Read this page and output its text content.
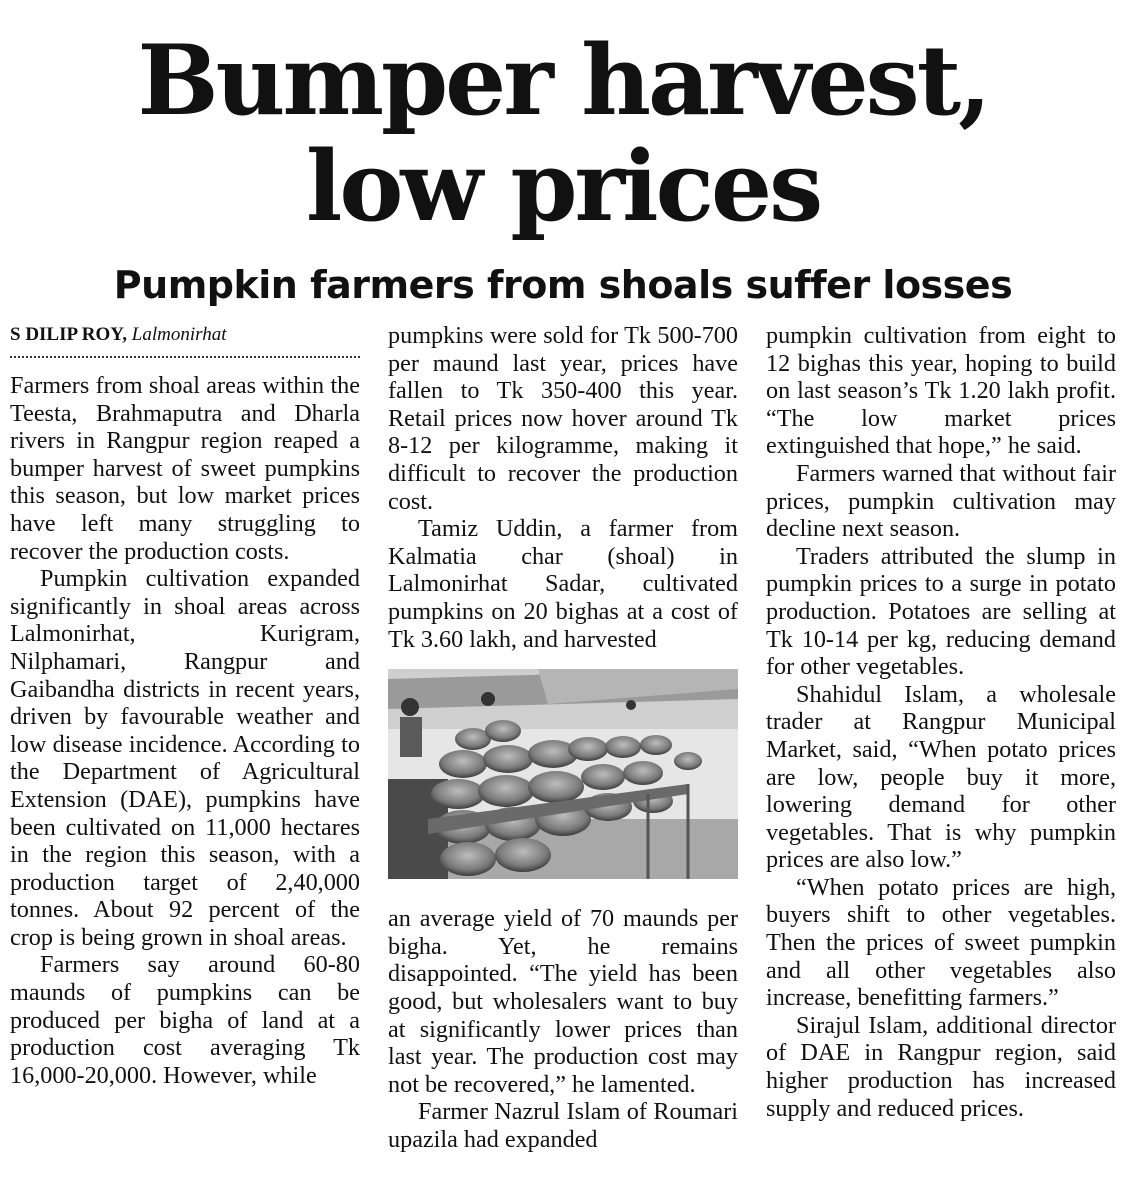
Bumper harvest,
low prices
Pumpkin farmers from shoals suffer losses
S DILIP ROY, Lalmonirhat

Farmers from shoal areas within the Teesta, Brahmaputra and Dharla rivers in Rangpur region reaped a bumper harvest of sweet pumpkins this season, but low market prices have left many struggling to recover the production costs.

Pumpkin cultivation expanded significantly in shoal areas across Lalmonirhat, Kurigram, Nilphamari, Rangpur and Gaibandha districts in recent years, driven by favourable weather and low disease incidence. According to the Department of Agricultural Extension (DAE), pumpkins have been cultivated on 11,000 hectares in the region this season, with a production target of 2,40,000 tonnes. About 92 percent of the crop is being grown in shoal areas.

Farmers say around 60-80 maunds of pumpkins can be produced per bigha of land at a production cost averaging Tk 16,000-20,000. However, while

pumpkins were sold for Tk 500-700 per maund last year, prices have fallen to Tk 350-400 this year. Retail prices now hover around Tk 8-12 per kilogramme, making it difficult to recover the production cost.

Tamiz Uddin, a farmer from Kalmatia char (shoal) in Lalmonirhat Sadar, cultivated pumpkins on 20 bighas at a cost of Tk 3.60 lakh, and harvested

an average yield of 70 maunds per bigha. Yet, he remains disappointed. “The yield has been good, but wholesalers want to buy at significantly lower prices than last year. The production cost may not be recovered,” he lamented.

Farmer Nazrul Islam of Roumari upazila had expanded

pumpkin cultivation from eight to 12 bighas this year, hoping to build on last season’s Tk 1.20 lakh profit. “The low market prices extinguished that hope,” he said.

Farmers warned that without fair prices, pumpkin cultivation may decline next season.

Traders attributed the slump in pumpkin prices to a surge in potato production. Potatoes are selling at Tk 10-14 per kg, reducing demand for other vegetables.

Shahidul Islam, a wholesale trader at Rangpur Municipal Market, said, “When potato prices are low, people buy it more, lowering demand for other vegetables. That is why pumpkin prices are also low.”

“When potato prices are high, buyers shift to other vegetables. Then the prices of sweet pumpkin and all other vegetables also increase, benefitting farmers.”

Sirajul Islam, additional director of DAE in Rangpur region, said higher production has increased supply and reduced prices.
